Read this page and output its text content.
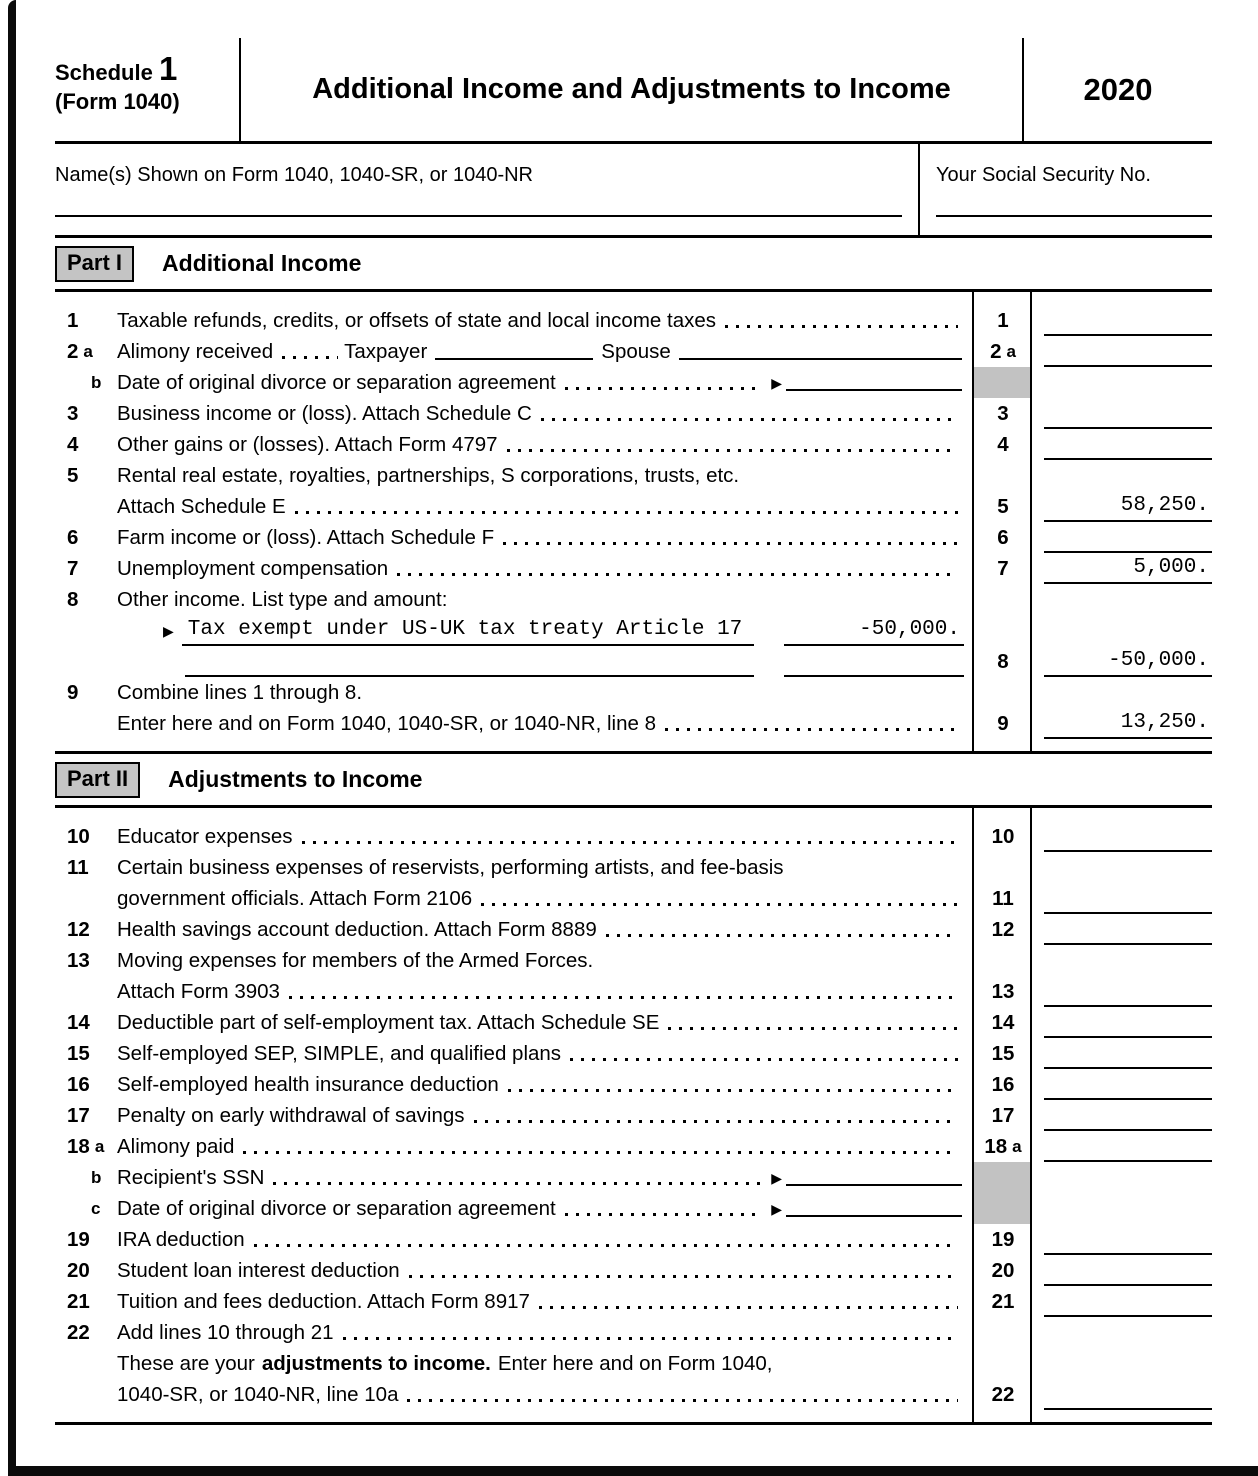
Schedule 1
(Form 1040)	Additional Income and Adjustments to Income	2020
Name(s) Shown on Form 1040, 1040-SR, or 1040-NR	Your Social Security No.
Part I	Additional Income
1 Taxable refunds, credits, or offsets of state and local income taxes	1
2 a Alimony received	Taxpayer	Spouse	2 a
b Date of original divorce or separation agreement	▶
3 Business income or (loss). Attach Schedule C	3
4 Other gains or (losses). Attach Form 4797	4
5 Rental real estate, royalties, partnerships, S corporations, trusts, etc.
Attach Schedule E	5	58,250.
6 Farm income or (loss). Attach Schedule F	6
7 Unemployment compensation	7	5,000.
8 Other income. List type and amount:
▶ Tax exempt under US-UK tax treaty Article 17	-50,000.
8	-50,000.
9 Combine lines 1 through 8.
Enter here and on Form 1040, 1040-SR, or 1040-NR, line 8	9	13,250.
Part II	Adjustments to Income
10 Educator expenses	10
11 Certain business expenses of reservists, performing artists, and fee-basis
government officials. Attach Form 2106	11
12 Health savings account deduction. Attach Form 8889	12
13 Moving expenses for members of the Armed Forces.
Attach Form 3903	13
14 Deductible part of self-employment tax. Attach Schedule SE	14
15 Self-employed SEP, SIMPLE, and qualified plans	15
16 Self-employed health insurance deduction	16
17 Penalty on early withdrawal of savings	17
18 a Alimony paid	18 a
b Recipient's SSN	▶
c Date of original divorce or separation agreement	▶
19 IRA deduction	19
20 Student loan interest deduction	20
21 Tuition and fees deduction. Attach Form 8917	21
22 Add lines 10 through 21
These are your adjustments to income. Enter here and on Form 1040,
1040-SR, or 1040-NR, line 10a	22
